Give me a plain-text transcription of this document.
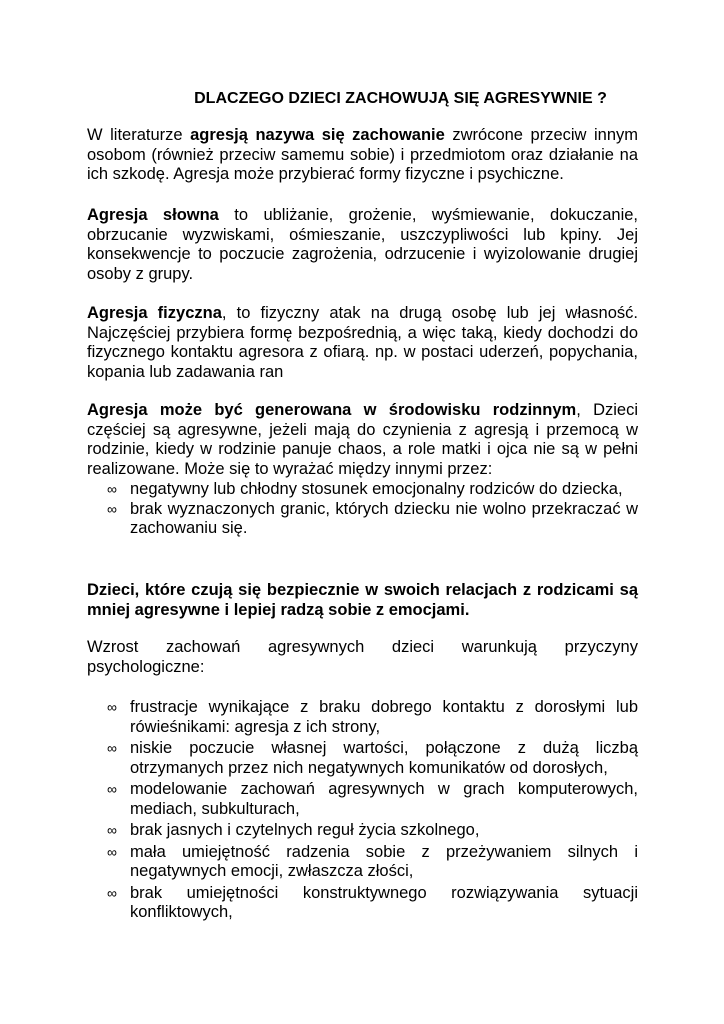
DLACZEGO DZIECI ZACHOWUJĄ SIĘ AGRESYWNIE ?

W literaturze agresją nazywa się zachowanie zwrócone przeciw innym osobom (również przeciw samemu sobie) i przedmiotom oraz działanie na ich szkodę. Agresja może przybierać formy fizyczne i psychiczne.

Agresja słowna to ubliżanie, grożenie, wyśmiewanie, dokuczanie, obrzucanie wyzwiskami, ośmieszanie, uszczypliwości lub kpiny. Jej konsekwencje to poczucie zagrożenia, odrzucenie i wyizolowanie drugiej osoby z grupy.

Agresja fizyczna, to fizyczny atak na drugą osobę lub jej własność. Najczęściej przybiera formę bezpośrednią, a więc taką, kiedy dochodzi do fizycznego kontaktu agresora z ofiarą. np. w postaci uderzeń, popychania, kopania lub zadawania ran

Agresja może być generowana w środowisku rodzinnym, Dzieci częściej są agresywne, jeżeli mają do czynienia z agresją i przemocą w rodzinie, kiedy w rodzinie panuje chaos, a role matki i ojca nie są w pełni realizowane. Może się to wyrażać między innymi przez:

∞ negatywny lub chłodny stosunek emocjonalny rodziców do dziecka,
∞ brak wyznaczonych granic, których dziecku nie wolno przekraczać w zachowaniu się.

Dzieci, które czują się bezpiecznie w swoich relacjach z rodzicami są mniej agresywne i lepiej radzą sobie z emocjami.

Wzrost zachowań agresywnych dzieci warunkują przyczyny psychologiczne:

∞ frustracje wynikające z braku dobrego kontaktu z dorosłymi lub rówieśnikami: agresja z ich strony,
∞ niskie poczucie własnej wartości, połączone z dużą liczbą otrzymanych przez nich negatywnych komunikatów od dorosłych,
∞ modelowanie zachowań agresywnych w grach komputerowych, mediach, subkulturach,
∞ brak jasnych i czytelnych reguł życia szkolnego,
∞ mała umiejętność radzenia sobie z przeżywaniem silnych i negatywnych emocji, zwłaszcza złości,
∞ brak umiejętności konstruktywnego rozwiązywania sytuacji konfliktowych,
